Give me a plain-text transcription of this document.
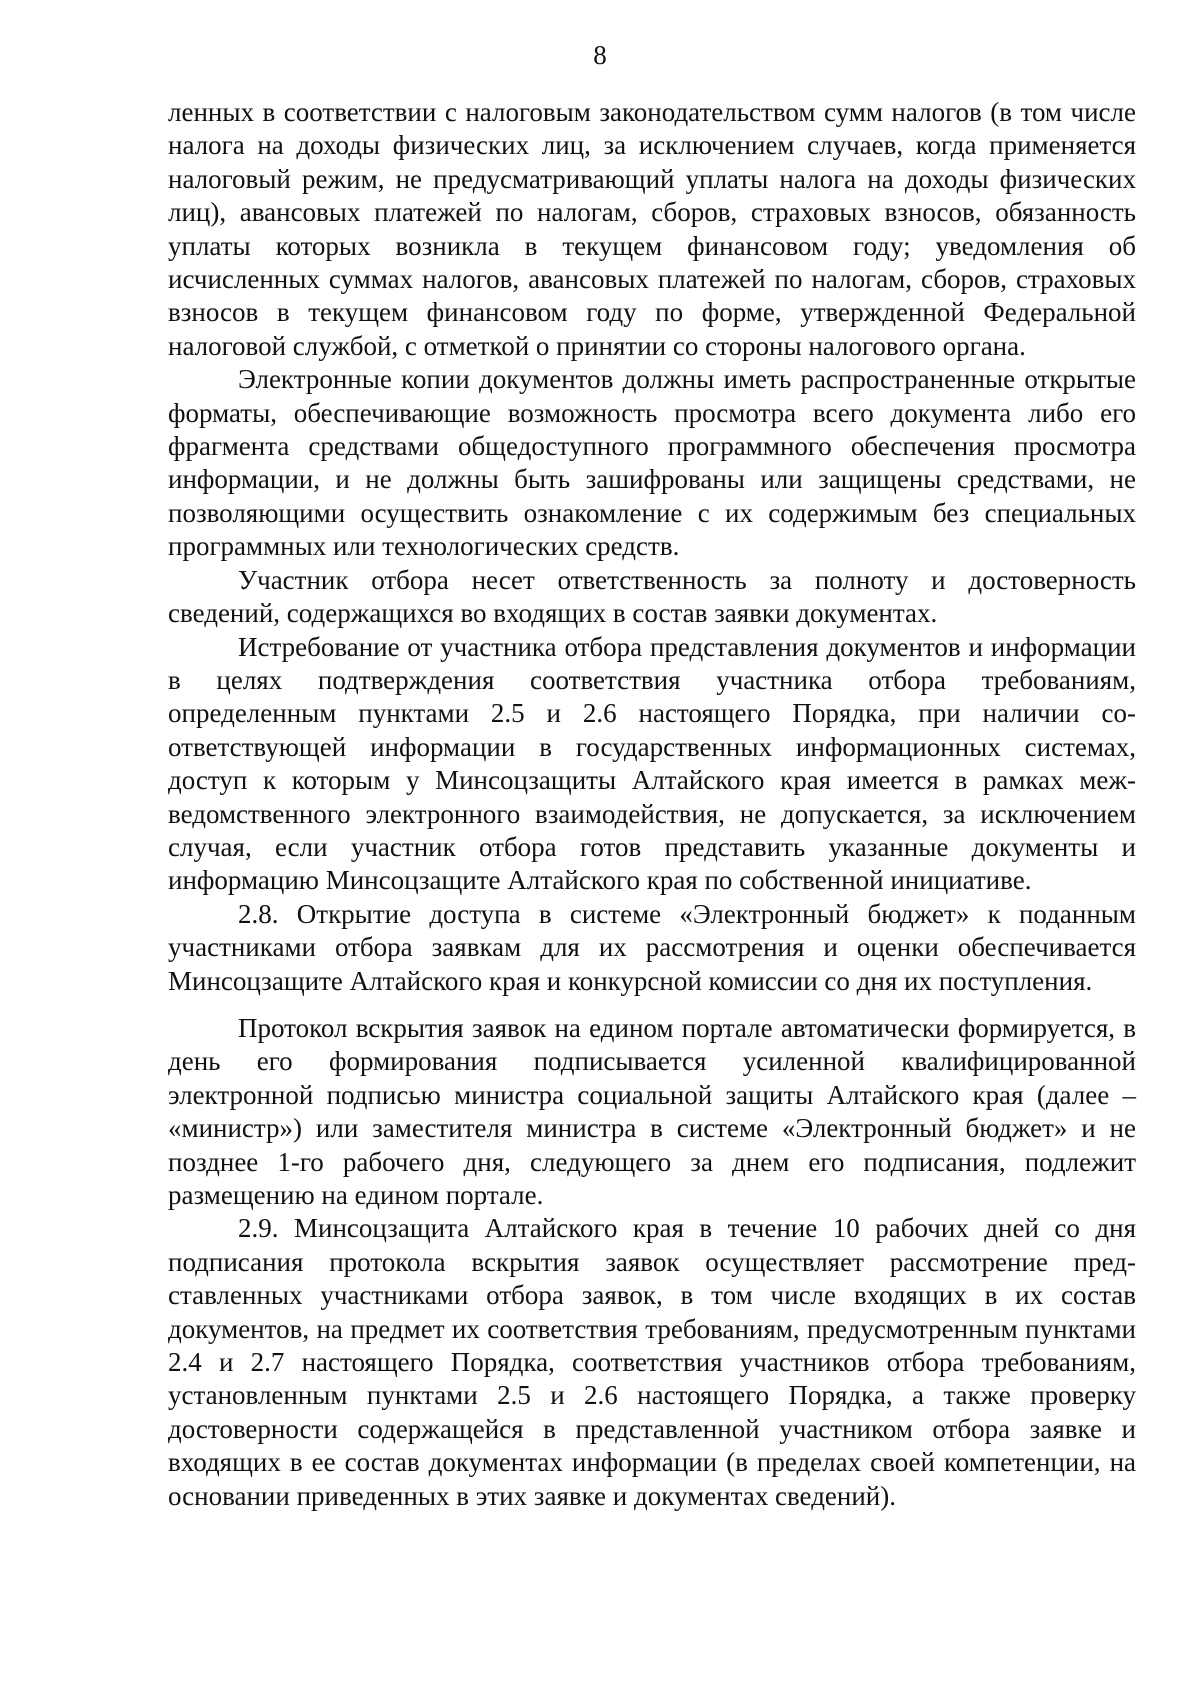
8

ленных в соответствии с налоговым законодательством сумм налогов (в том числе налога на доходы физических лиц, за исключением случаев, когда применяется налоговый режим, не предусматривающий уплаты налога на доходы физических лиц), авансовых платежей по налогам, сборов, страховых взносов, обязанность уплаты которых возникла в текущем финансовом году; уведомления об исчисленных суммах налогов, авансовых платежей по налогам, сборов, страховых взносов в текущем финансовом году по форме, утвержденной Федеральной налоговой службой, с отметкой о принятии со стороны налогового органа.

Электронные копии документов должны иметь распространенные открытые форматы, обеспечивающие возможность просмотра всего документа либо его фрагмента средствами общедоступного программного обеспечения просмотра информации, и не должны быть зашифрованы или защищены средствами, не позволяющими осуществить ознакомление с их содержимым без специальных программных или технологических средств.

Участник отбора несет ответственность за полноту и достоверность сведений, содержащихся во входящих в состав заявки документах.

Истребование от участника отбора представления документов и информации в целях подтверждения соответствия участника отбора требованиям, определенным пунктами 2.5 и 2.6 настоящего Порядка, при наличии соответствующей информации в государственных информационных системах, доступ к которым у Минсоцзащиты Алтайского края имеется в рамках межведомственного электронного взаимодействия, не допускается, за исключением случая, если участник отбора готов представить указанные документы и информацию Минсоцзащите Алтайского края по собственной инициативе.

2.8. Открытие доступа в системе «Электронный бюджет» к поданным участниками отбора заявкам для их рассмотрения и оценки обеспечивается Минсоцзащите Алтайского края и конкурсной комиссии со дня их поступления.

Протокол вскрытия заявок на едином портале автоматически формируется, в день его формирования подписывается усиленной квалифицированной электронной подписью министра социальной защиты Алтайского края (далее – «министр») или заместителя министра в системе «Электронный бюджет» и не позднее 1-го рабочего дня, следующего за днем его подписания, подлежит размещению на едином портале.

2.9. Минсоцзащита Алтайского края в течение 10 рабочих дней со дня подписания протокола вскрытия заявок осуществляет рассмотрение представленных участниками отбора заявок, в том числе входящих в их состав документов, на предмет их соответствия требованиям, предусмотренным пунктами 2.4 и 2.7 настоящего Порядка, соответствия участников отбора требованиям, установленным пунктами 2.5 и 2.6 настоящего Порядка, а также проверку достоверности содержащейся в представленной участником отбора заявке и входящих в ее состав документах информации (в пределах своей компетенции, на основании приведенных в этих заявке и документах сведений).
